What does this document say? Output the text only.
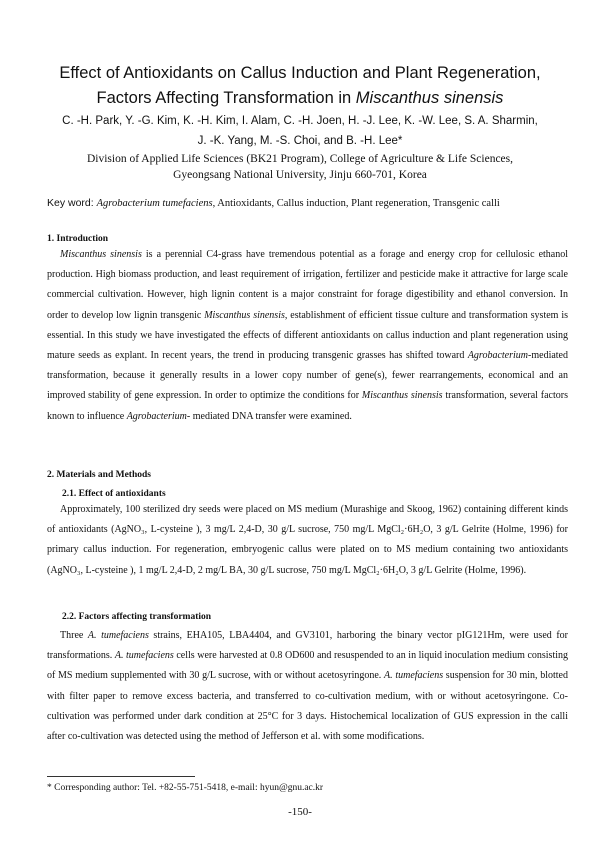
Effect of Antioxidants on Callus Induction and Plant Regeneration,
Factors Affecting Transformation in Miscanthus sinensis
C. -H. Park, Y. -G. Kim, K. -H. Kim, I. Alam, C. -H. Joen, H. -J. Lee, K. -W. Lee, S. A. Sharmin,
J. -K. Yang, M. -S. Choi, and B. -H. Lee*
Division of Applied Life Sciences (BK21 Program), College of Agriculture & Life Sciences,
Gyeongsang National University, Jinju 660-701, Korea
Key word: Agrobacterium tumefaciens, Antioxidants, Callus induction, Plant regeneration, Transgenic calli
1. Introduction

Miscanthus sinensis is a perennial C4-grass have tremendous potential as a forage and energy crop for cellulosic ethanol production. High biomass production, and least requirement of irrigation, fertilizer and pesticide make it attractive for large scale commercial cultivation. However, high lignin content is a major constraint for forage digestibility and ethanol conversion. In order to develop low lignin transgenic Miscanthus sinensis, establishment of efficient tissue culture and transformation system is essential. In this study we have investigated the effects of different antioxidants on callus induction and plant regeneration using mature seeds as explant. In recent years, the trend in producing transgenic grasses has shifted toward Agrobacterium-mediated transformation, because it generally results in a lower copy number of gene(s), fewer rearrangements, economical and an improved stability of gene expression. In order to optimize the conditions for Miscanthus sinensis transformation, several factors known to influence Agrobacterium- mediated DNA transfer were examined.

2. Materials and Methods
2.1. Effect of antioxidants

Approximately, 100 sterilized dry seeds were placed on MS medium (Murashige and Skoog, 1962) containing different kinds of antioxidants (AgNO₃, L-cysteine ), 3 mg/L 2,4-D, 30 g/L sucrose, 750 mg/L MgCl₂·6H₂O, 3 g/L Gelrite (Holme, 1996) for primary callus induction. For regeneration, embryogenic callus were plated on to MS medium containing two antioxidants (AgNO₃, L-cysteine ), 1 mg/L 2,4-D, 2 mg/L BA, 30 g/L sucrose, 750 mg/L MgCl₂·6H₂O, 3 g/L Gelrite (Holme, 1996).

2.2. Factors affecting transformation

Three A. tumefaciens strains, EHA105, LBA4404, and GV3101, harboring the binary vector pIG121Hm, were used for transformations. A. tumefaciens cells were harvested at 0.8 OD600 and resuspended to an in liquid inoculation medium consisting of MS medium supplemented with 30 g/L sucrose, with or without acetosyringone. A. tumefaciens suspension for 30 min, blotted with filter paper to remove excess bacteria, and transferred to co-cultivation medium, with or without acetosyringone. Co-cultivation was performed under dark condition at 25°C for 3 days. Histochemical localization of GUS expression in the calli after co-cultivation was detected using the method of Jefferson et al. with some modifications.

* Corresponding author: Tel. +82-55-751-5418, e-mail: hyun@gnu.ac.kr
-150-
